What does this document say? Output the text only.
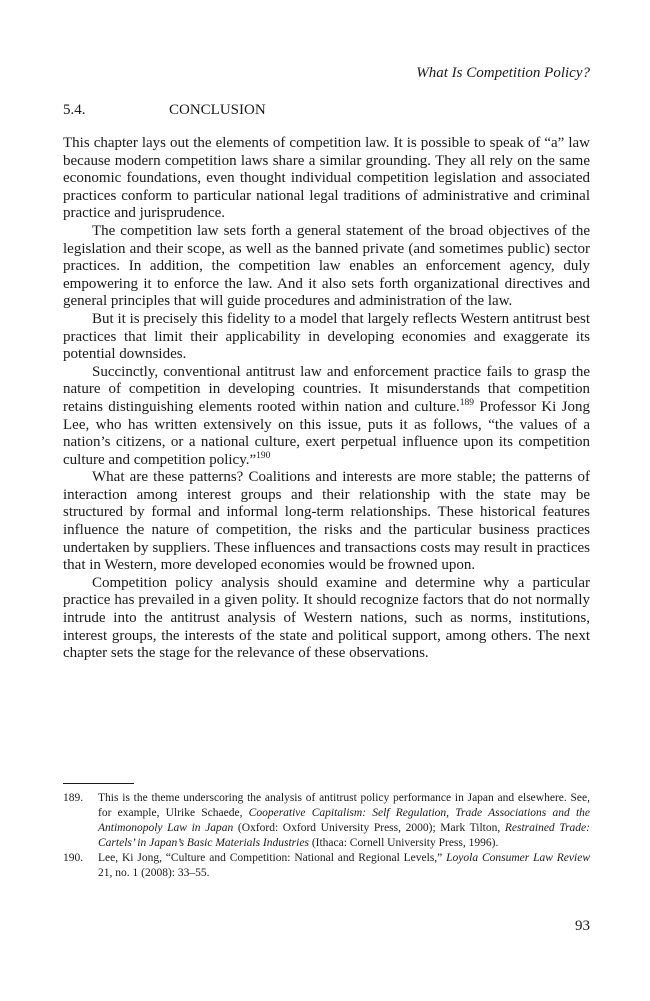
What Is Competition Policy?
5.4.	CONCLUSION

This chapter lays out the elements of competition law. It is possible to speak of “a” law because modern competition laws share a similar grounding. They all rely on the same economic foundations, even thought individual competition legislation and associated practices conform to particular national legal traditions of administrative and criminal practice and jurisprudence.

The competition law sets forth a general statement of the broad objectives of the legislation and their scope, as well as the banned private (and sometimes public) sector practices. In addition, the competition law enables an enforcement agency, duly empowering it to enforce the law. And it also sets forth organizational directives and general principles that will guide procedures and administration of the law.

But it is precisely this fidelity to a model that largely reflects Western antitrust best practices that limit their applicability in developing economies and exaggerate its potential downsides.

Succinctly, conventional antitrust law and enforcement practice fails to grasp the nature of competition in developing countries. It misunderstands that competition retains distinguishing elements rooted within nation and culture.$^{189}$ Professor Ki Jong Lee, who has written extensively on this issue, puts it as follows, “the values of a nation’s citizens, or a national culture, exert perpetual influence upon its competition culture and competition policy.”$^{190}$

What are these patterns? Coalitions and interests are more stable; the patterns of interaction among interest groups and their relationship with the state may be structured by formal and informal long-term relationships. These historical features influence the nature of competition, the risks and the particular business practices undertaken by suppliers. These influences and transactions costs may result in practices that in Western, more developed economies would be frowned upon.

Competition policy analysis should examine and determine why a particular practice has prevailed in a given polity. It should recognize factors that do not normally intrude into the antitrust analysis of Western nations, such as norms, institutions, interest groups, the interests of the state and political support, among others. The next chapter sets the stage for the relevance of these observations.

189.	This is the theme underscoring the analysis of antitrust policy performance in Japan and elsewhere. See, for example, Ulrike Schaede, Cooperative Capitalism: Self Regulation, Trade Associations and the Antimonopoly Law in Japan (Oxford: Oxford University Press, 2000); Mark Tilton, Restrained Trade: Cartels’ in Japan’s Basic Materials Industries (Ithaca: Cornell University Press, 1996).
190.	Lee, Ki Jong, “Culture and Competition: National and Regional Levels,” Loyola Consumer Law Review 21, no. 1 (2008): 33–55.
93
